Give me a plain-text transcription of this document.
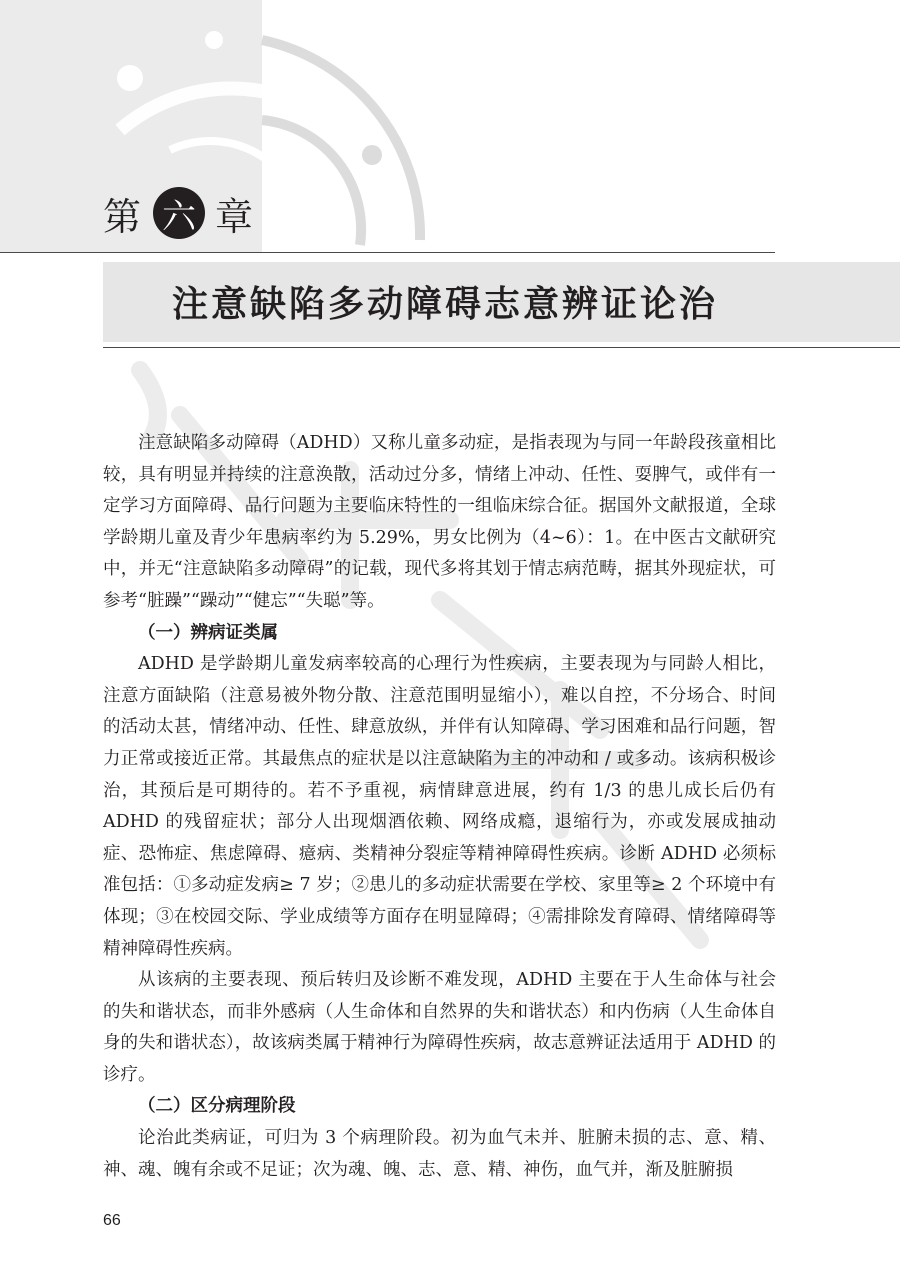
第 六 章
注意缺陷多动障碍志意辨证论治

注意缺陷多动障碍（ADHD）又称儿童多动症，是指表现为与同一年龄段孩童相比较，具有明显并持续的注意涣散，活动过分多，情绪上冲动、任性、耍脾气，或伴有一定学习方面障碍、品行问题为主要临床特性的一组临床综合征。据国外文献报道，全球学龄期儿童及青少年患病率约为 5.29%，男女比例为（4~6）：1。在中医古文献研究中，并无“注意缺陷多动障碍”的记载，现代多将其划于情志病范畴，据其外现症状，可参考“脏躁”“躁动”“健忘”“失聪”等。

（一）辨病证类属

ADHD 是学龄期儿童发病率较高的心理行为性疾病，主要表现为与同龄人相比，注意方面缺陷（注意易被外物分散、注意范围明显缩小），难以自控，不分场合、时间的活动太甚，情绪冲动、任性、肆意放纵，并伴有认知障碍、学习困难和品行问题，智力正常或接近正常。其最焦点的症状是以注意缺陷为主的冲动和 / 或多动。该病积极诊治，其预后是可期待的。若不予重视，病情肆意进展，约有 1/3 的患儿成长后仍有 ADHD 的残留症状；部分人出现烟酒依赖、网络成瘾，退缩行为，亦或发展成抽动症、恐怖症、焦虑障碍、癔病、类精神分裂症等精神障碍性疾病。诊断 ADHD 必须标准包括：①多动症发病≥ 7 岁；②患儿的多动症状需要在学校、家里等≥ 2 个环境中有体现；③在校园交际、学业成绩等方面存在明显障碍；④需排除发育障碍、情绪障碍等精神障碍性疾病。

从该病的主要表现、预后转归及诊断不难发现，ADHD 主要在于人生命体与社会的失和谐状态，而非外感病（人生命体和自然界的失和谐状态）和内伤病（人生命体自身的失和谐状态），故该病类属于精神行为障碍性疾病，故志意辨证法适用于 ADHD 的诊疗。

（二）区分病理阶段

论治此类病证，可归为 3 个病理阶段。初为血气未并、脏腑未损的志、意、精、神、魂、魄有余或不足证；次为魂、魄、志、意、精、神伤，血气并，渐及脏腑损

66
